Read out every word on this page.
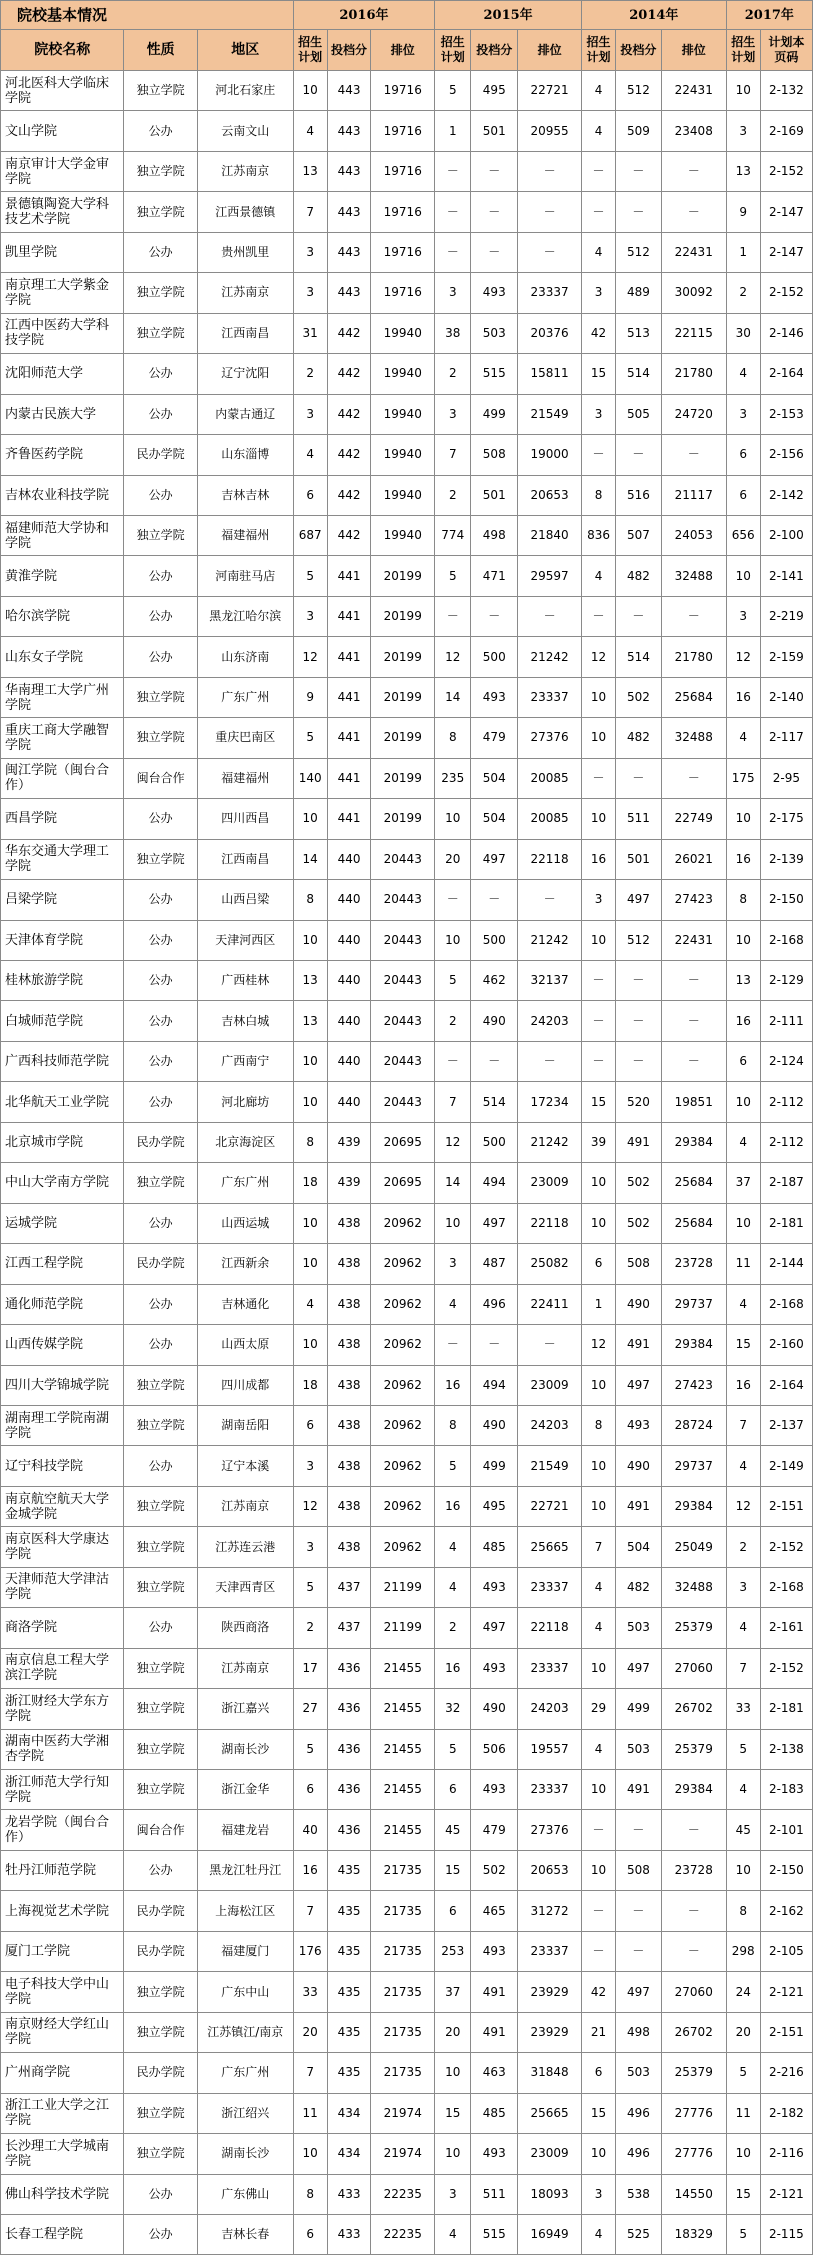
院校基本情况			2016年			2015年			2014年			2017年	
院校名称	性质	地区	招生计划	投档分	排位	招生计划	投档分	排位	招生计划	投档分	排位	招生计划	计划本页码
河北医科大学临床学院	独立学院	河北石家庄	10	443	19716	5	495	22721	4	512	22431	10	2-132
文山学院	公办	云南文山	4	443	19716	1	501	20955	4	509	23408	3	2-169
南京审计大学金审学院	独立学院	江苏南京	13	443	19716	－	－	－	－	－	－	13	2-152
景德镇陶瓷大学科技艺术学院	独立学院	江西景德镇	7	443	19716	－	－	－	－	－	－	9	2-147
凯里学院	公办	贵州凯里	3	443	19716	－	－	－	4	512	22431	1	2-147
南京理工大学紫金学院	独立学院	江苏南京	3	443	19716	3	493	23337	3	489	30092	2	2-152
江西中医药大学科技学院	独立学院	江西南昌	31	442	19940	38	503	20376	42	513	22115	30	2-146
沈阳师范大学	公办	辽宁沈阳	2	442	19940	2	515	15811	15	514	21780	4	2-164
内蒙古民族大学	公办	内蒙古通辽	3	442	19940	3	499	21549	3	505	24720	3	2-153
齐鲁医药学院	民办学院	山东淄博	4	442	19940	7	508	19000	－	－	－	6	2-156
吉林农业科技学院	公办	吉林吉林	6	442	19940	2	501	20653	8	516	21117	6	2-142
福建师范大学协和学院	独立学院	福建福州	687	442	19940	774	498	21840	836	507	24053	656	2-100
黄淮学院	公办	河南驻马店	5	441	20199	5	471	29597	4	482	32488	10	2-141
哈尔滨学院	公办	黑龙江哈尔滨	3	441	20199	－	－	－	－	－	－	3	2-219
山东女子学院	公办	山东济南	12	441	20199	12	500	21242	12	514	21780	12	2-159
华南理工大学广州学院	独立学院	广东广州	9	441	20199	14	493	23337	10	502	25684	16	2-140
重庆工商大学融智学院	独立学院	重庆巴南区	5	441	20199	8	479	27376	10	482	32488	4	2-117
闽江学院（闽台合作）	闽台合作	福建福州	140	441	20199	235	504	20085	－	－	－	175	2-95
西昌学院	公办	四川西昌	10	441	20199	10	504	20085	10	511	22749	10	2-175
华东交通大学理工学院	独立学院	江西南昌	14	440	20443	20	497	22118	16	501	26021	16	2-139
吕梁学院	公办	山西吕梁	8	440	20443	－	－	－	3	497	27423	8	2-150
天津体育学院	公办	天津河西区	10	440	20443	10	500	21242	10	512	22431	10	2-168
桂林旅游学院	公办	广西桂林	13	440	20443	5	462	32137	－	－	－	13	2-129
白城师范学院	公办	吉林白城	13	440	20443	2	490	24203	－	－	－	16	2-111
广西科技师范学院	公办	广西南宁	10	440	20443	－	－	－	－	－	－	6	2-124
北华航天工业学院	公办	河北廊坊	10	440	20443	7	514	17234	15	520	19851	10	2-112
北京城市学院	民办学院	北京海淀区	8	439	20695	12	500	21242	39	491	29384	4	2-112
中山大学南方学院	独立学院	广东广州	18	439	20695	14	494	23009	10	502	25684	37	2-187
运城学院	公办	山西运城	10	438	20962	10	497	22118	10	502	25684	10	2-181
江西工程学院	民办学院	江西新余	10	438	20962	3	487	25082	6	508	23728	11	2-144
通化师范学院	公办	吉林通化	4	438	20962	4	496	22411	1	490	29737	4	2-168
山西传媒学院	公办	山西太原	10	438	20962	－	－	－	12	491	29384	15	2-160
四川大学锦城学院	独立学院	四川成都	18	438	20962	16	494	23009	10	497	27423	16	2-164
湖南理工学院南湖学院	独立学院	湖南岳阳	6	438	20962	8	490	24203	8	493	28724	7	2-137
辽宁科技学院	公办	辽宁本溪	3	438	20962	5	499	21549	10	490	29737	4	2-149
南京航空航天大学金城学院	独立学院	江苏南京	12	438	20962	16	495	22721	10	491	29384	12	2-151
南京医科大学康达学院	独立学院	江苏连云港	3	438	20962	4	485	25665	7	504	25049	2	2-152
天津师范大学津沽学院	独立学院	天津西青区	5	437	21199	4	493	23337	4	482	32488	3	2-168
商洛学院	公办	陕西商洛	2	437	21199	2	497	22118	4	503	25379	4	2-161
南京信息工程大学滨江学院	独立学院	江苏南京	17	436	21455	16	493	23337	10	497	27060	7	2-152
浙江财经大学东方学院	独立学院	浙江嘉兴	27	436	21455	32	490	24203	29	499	26702	33	2-181
湖南中医药大学湘杏学院	独立学院	湖南长沙	5	436	21455	5	506	19557	4	503	25379	5	2-138
浙江师范大学行知学院	独立学院	浙江金华	6	436	21455	6	493	23337	10	491	29384	4	2-183
龙岩学院（闽台合作）	闽台合作	福建龙岩	40	436	21455	45	479	27376	－	－	－	45	2-101
牡丹江师范学院	公办	黑龙江牡丹江	16	435	21735	15	502	20653	10	508	23728	10	2-150
上海视觉艺术学院	民办学院	上海松江区	7	435	21735	6	465	31272	－	－	－	8	2-162
厦门工学院	民办学院	福建厦门	176	435	21735	253	493	23337	－	－	－	298	2-105
电子科技大学中山学院	独立学院	广东中山	33	435	21735	37	491	23929	42	497	27060	24	2-121
南京财经大学红山学院	独立学院	江苏镇江/南京	20	435	21735	20	491	23929	21	498	26702	20	2-151
广州商学院	民办学院	广东广州	7	435	21735	10	463	31848	6	503	25379	5	2-216
浙江工业大学之江学院	独立学院	浙江绍兴	11	434	21974	15	485	25665	15	496	27776	11	2-182
长沙理工大学城南学院	独立学院	湖南长沙	10	434	21974	10	493	23009	10	496	27776	10	2-116
佛山科学技术学院	公办	广东佛山	8	433	22235	3	511	18093	3	538	14550	15	2-121
长春工程学院	公办	吉林长春	6	433	22235	4	515	16949	4	525	18329	5	2-115
